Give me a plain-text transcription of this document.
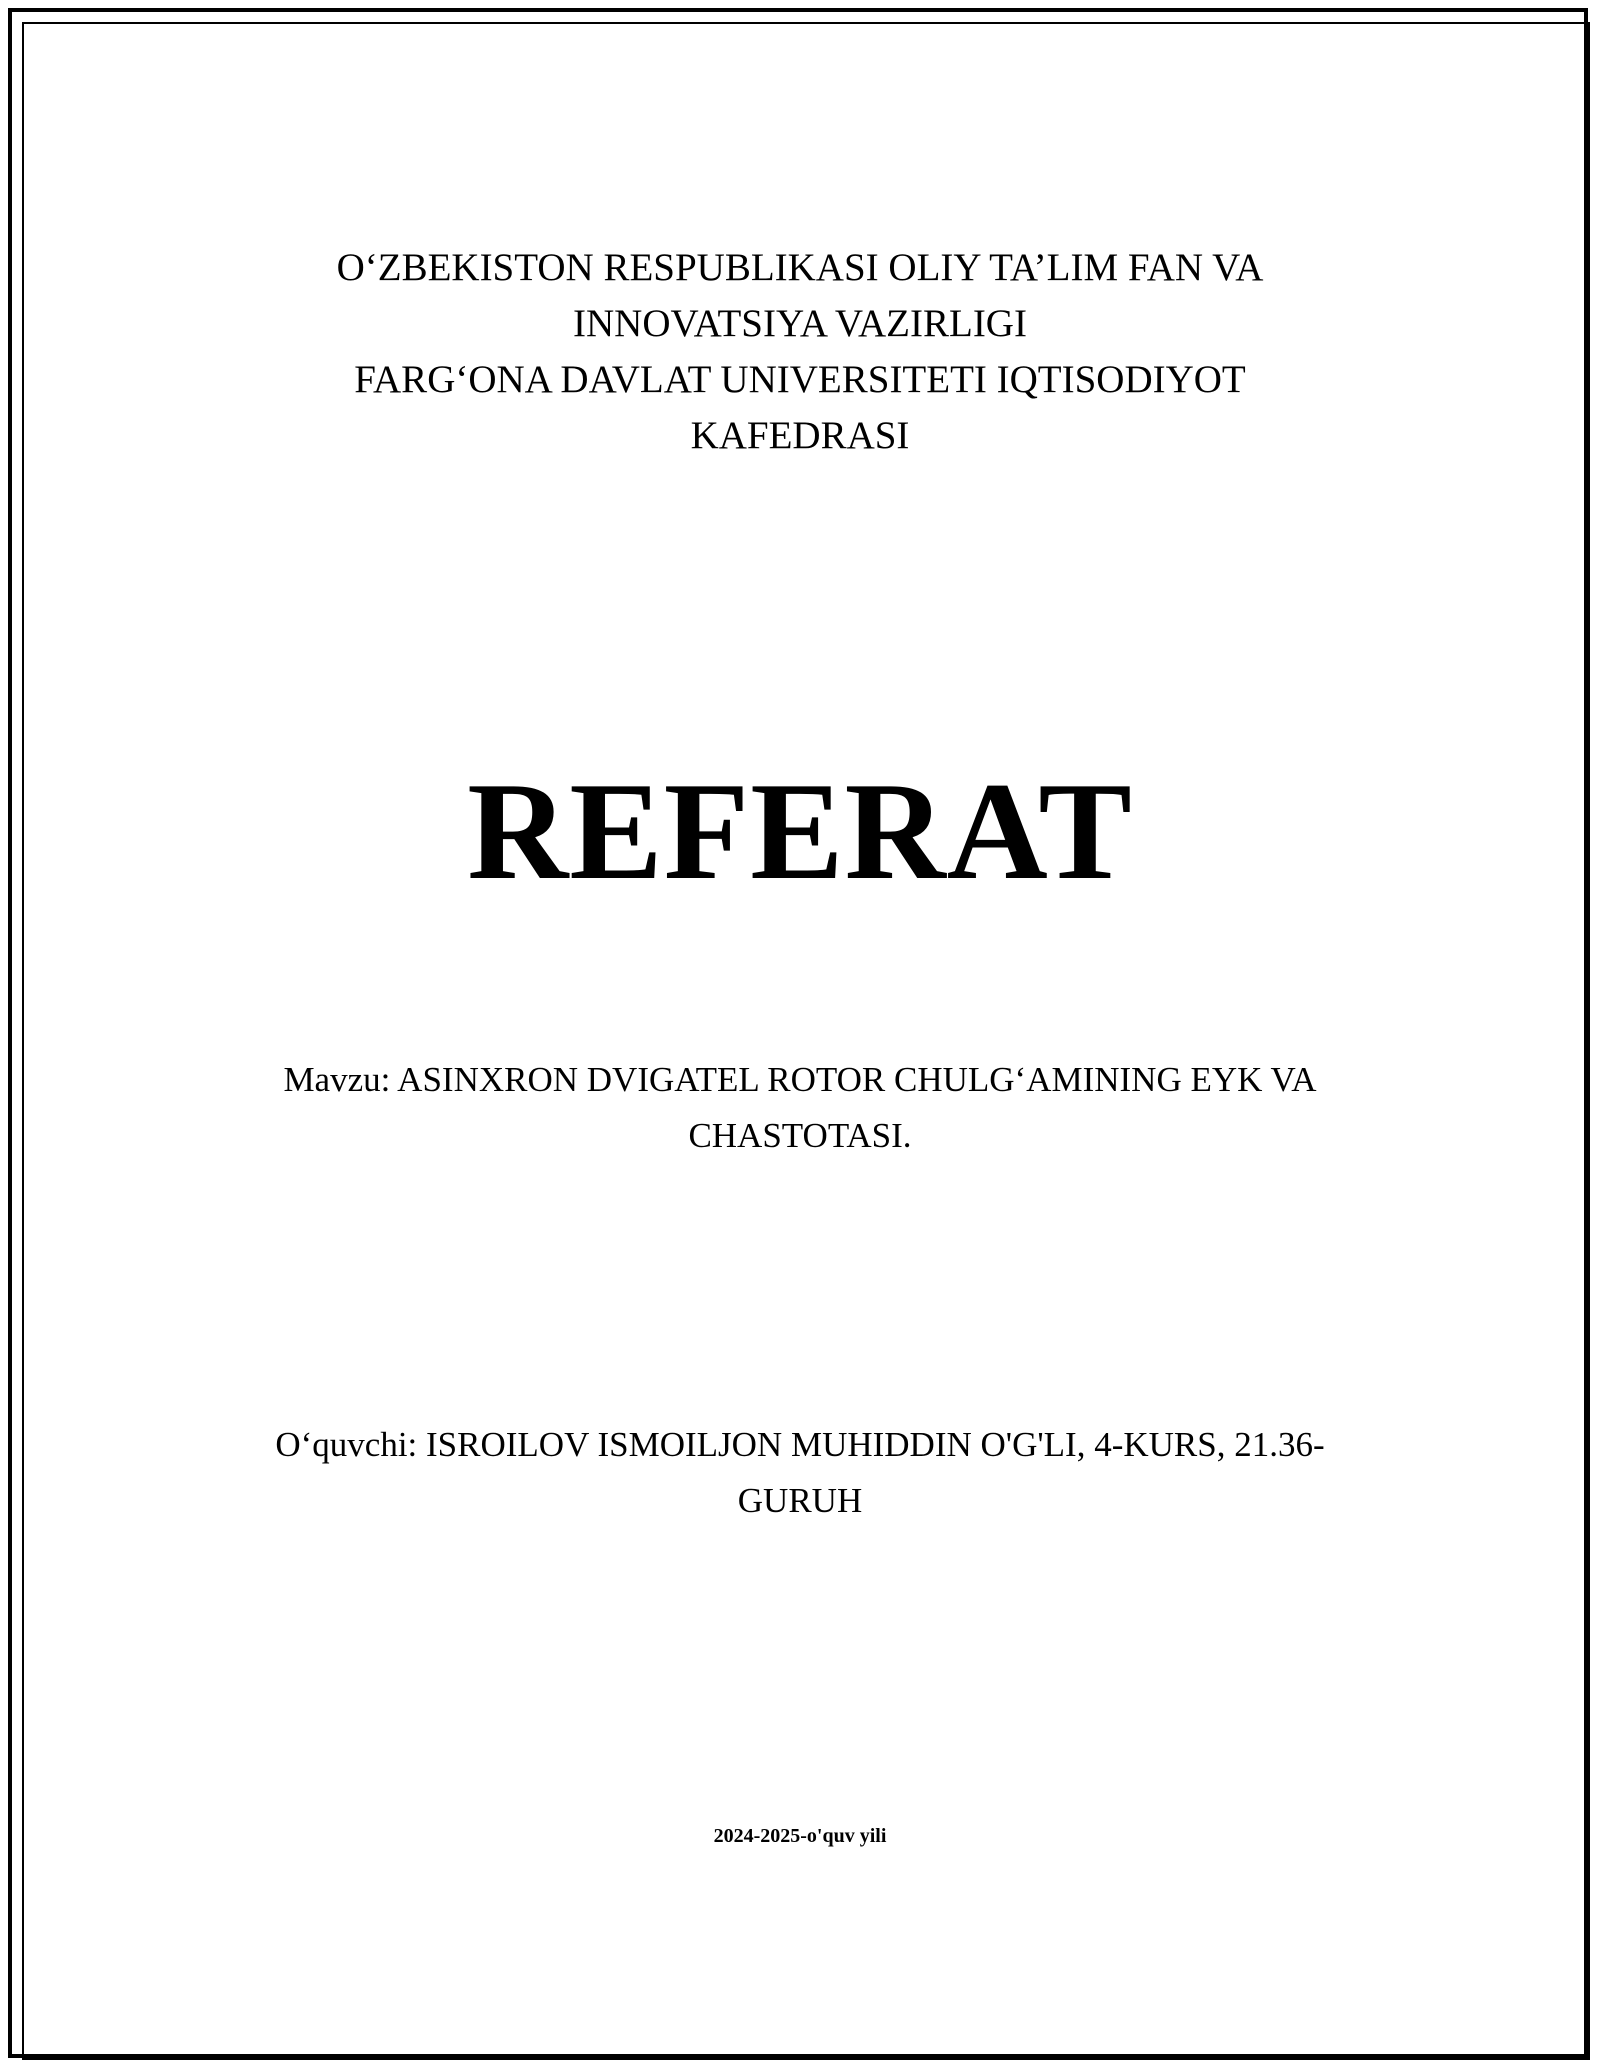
O‘ZBEKISTON RESPUBLIKASI OLIY TA’LIM FAN VA
INNOVATSIYA VAZIRLIGI
FARG‘ONA DAVLAT UNIVERSITETI IQTISODIYOT
KAFEDRASI
REFERAT
Mavzu: ASINXRON DVIGATEL ROTOR CHULG‘AMINING EYK VA
CHASTOTASI.
O‘quvchi: ISROILOV ISMOILJON MUHIDDIN O'G'LI, 4-KURS, 21.36-
GURUH
2024-2025-o'quv yili
